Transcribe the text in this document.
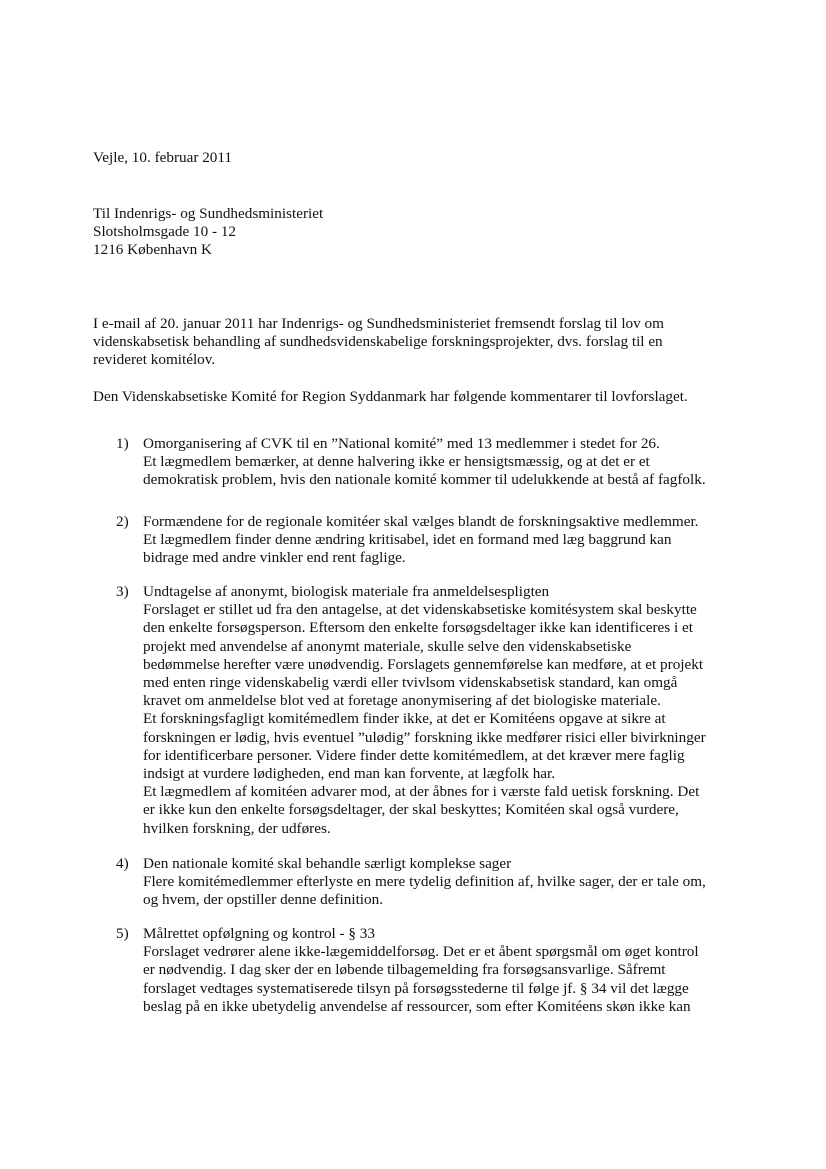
Vejle, 10. februar 2011
Til Indenrigs- og Sundhedsministeriet
Slotsholmsgade 10 - 12
1216 København K
I e-mail af 20. januar 2011 har Indenrigs- og Sundhedsministeriet fremsendt forslag til lov om
videnskabsetisk behandling af sundhedsvidenskabelige forskningsprojekter, dvs. forslag til en
revideret komitélov.
Den Videnskabsetiske Komité for Region Syddanmark har følgende kommentarer til lovforslaget.
1) Omorganisering af CVK til en ”National komité” med 13 medlemmer i stedet for 26.
Et lægmedlem bemærker, at denne halvering ikke er hensigtsmæssig, og at det er et
demokratisk problem, hvis den nationale komité kommer til udelukkende at bestå af fagfolk.
2) Formændene for de regionale komitéer skal vælges blandt de forskningsaktive medlemmer.
Et lægmedlem finder denne ændring kritisabel, idet en formand med læg baggrund kan
bidrage med andre vinkler end rent faglige.
3) Undtagelse af anonymt, biologisk materiale fra anmeldelsespligten
Forslaget er stillet ud fra den antagelse, at det videnskabsetiske komitésystem skal beskytte
den enkelte forsøgsperson. Eftersom den enkelte forsøgsdeltager ikke kan identificeres i et
projekt med anvendelse af anonymt materiale, skulle selve den videnskabsetiske
bedømmelse herefter være unødvendig. Forslagets gennemførelse kan medføre, at et projekt
med enten ringe videnskabelig værdi eller tvivlsom videnskabsetisk standard, kan omgå
kravet om anmeldelse blot ved at foretage anonymisering af det biologiske materiale.
Et forskningsfagligt komitémedlem finder ikke, at det er Komitéens opgave at sikre at
forskningen er lødig, hvis eventuel ”ulødig” forskning ikke medfører risici eller bivirkninger
for identificerbare personer. Videre finder dette komitémedlem, at det kræver mere faglig
indsigt at vurdere lødigheden, end man kan forvente, at lægfolk har.
Et lægmedlem af komitéen advarer mod, at der åbnes for i værste fald uetisk forskning. Det
er ikke kun den enkelte forsøgsdeltager, der skal beskyttes; Komitéen skal også vurdere,
hvilken forskning, der udføres.
4) Den nationale komité skal behandle særligt komplekse sager
Flere komitémedlemmer efterlyste en mere tydelig definition af, hvilke sager, der er tale om,
og hvem, der opstiller denne definition.
5) Målrettet opfølgning og kontrol - § 33
Forslaget vedrører alene ikke-lægemiddelforsøg. Det er et åbent spørgsmål om øget kontrol
er nødvendig. I dag sker der en løbende tilbagemelding fra forsøgsansvarlige. Såfremt
forslaget vedtages systematiserede tilsyn på forsøgsstederne til følge jf. § 34 vil det lægge
beslag på en ikke ubetydelig anvendelse af ressourcer, som efter Komitéens skøn ikke kan
